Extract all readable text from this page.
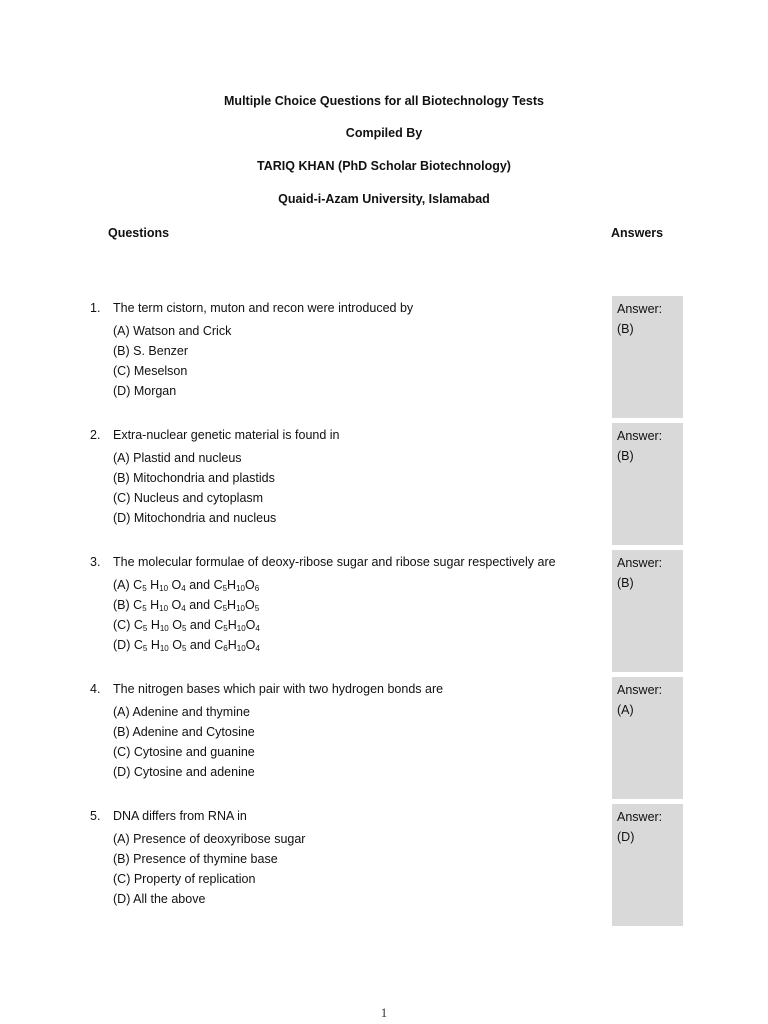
Multiple Choice Questions for all Biotechnology Tests
Compiled By
TARIQ KHAN (PhD Scholar Biotechnology)
Quaid-i-Azam University, Islamabad
Questions	Answers
1. The term cistorn, muton and recon were introduced by
(A) Watson and Crick
(B) S. Benzer
(C) Meselson
(D) Morgan
Answer:
(B)
2. Extra-nuclear genetic material is found in
(A) Plastid and nucleus
(B) Mitochondria and plastids
(C) Nucleus and cytoplasm
(D) Mitochondria and nucleus
Answer:
(B)
3. The molecular formulae of deoxy-ribose sugar and ribose sugar respectively are
(A) $C_5$ $H_{10}$ $O_4$ and $C_5H_{10}O_6$
(B) $C_5$ $H_{10}$ $O_4$ and $C_5H_{10}O_5$
(C) $C_5$ $H_{10}$ $O_5$ and $C_5H_{10}O_4$
(D) $C_5$ $H_{10}$ $O_5$ and $C_6H_{10}O_4$
Answer:
(B)
4. The nitrogen bases which pair with two hydrogen bonds are
(A) Adenine and thymine
(B) Adenine and Cytosine
(C) Cytosine and guanine
(D) Cytosine and adenine
Answer:
(A)
5. DNA differs from RNA in
(A) Presence of deoxyribose sugar
(B) Presence of thymine base
(C) Property of replication
(D) All the above
Answer:
(D)
1
